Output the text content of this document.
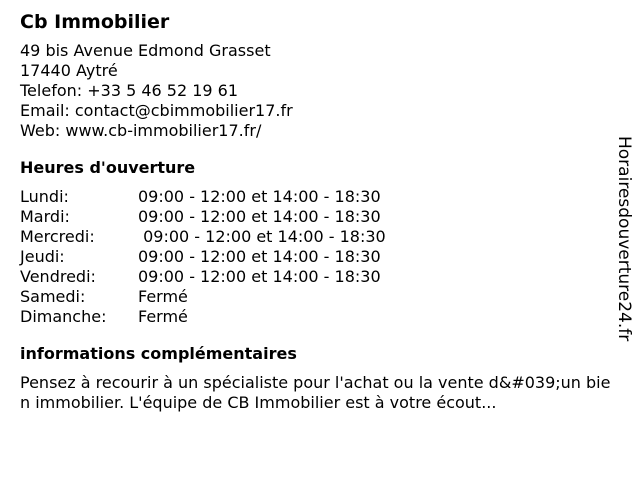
Cb Immobilier
49 bis Avenue Edmond Grasset
17440 Aytré
Telefon: +33 5 46 52 19 61
Email: contact@cbimmobilier17.fr
Web: www.cb-immobilier17.fr/
Heures d'ouverture
Lundi:	09:00 - 12:00 et 14:00 - 18:30
Mardi:	09:00 - 12:00 et 14:00 - 18:30
Mercredi:	09:00 - 12:00 et 14:00 - 18:30
Jeudi:	09:00 - 12:00 et 14:00 - 18:30
Vendredi:	09:00 - 12:00 et 14:00 - 18:30
Samedi:	Fermé
Dimanche:	Fermé
informations complémentaires
Pensez à recourir à un spécialiste pour l'achat ou la vente d&#039;un bien immobilier. L'équipe de CB Immobilier est à votre écout...
Horairesdouverture24.fr
